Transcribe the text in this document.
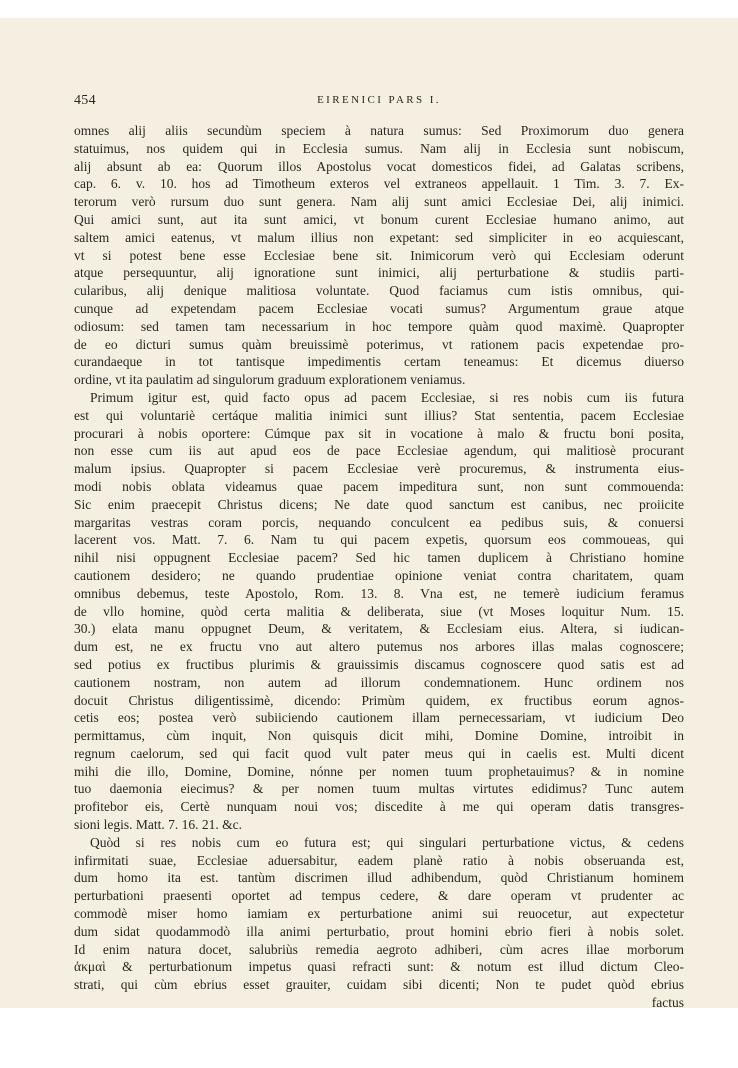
454	EIRENICI PARS I.
omnes alij aliis secundùm speciem à natura sumus: Sed Proximorum duo genera
statuimus, nos quidem qui in Ecclesia sumus. Nam alij in Ecclesia sunt nobiscum,
alij absunt ab ea: Quorum illos Apostolus vocat domesticos fidei, ad Galatas scribens,
cap. 6. v. 10. hos ad Timotheum exteros vel extraneos appellauit. 1 Tim. 3. 7. Ex-
terorum verò rursum duo sunt genera. Nam alij sunt amici Ecclesiae Dei, alij inimici.
Qui amici sunt, aut ita sunt amici, vt bonum curent Ecclesiae humano animo, aut
saltem amici eatenus, vt malum illius non expetant: sed simpliciter in eo acquiescant,
vt si potest bene esse Ecclesiae bene sit. Inimicorum verò qui Ecclesiam oderunt
atque persequuntur, alij ignoratione sunt inimici, alij perturbatione & studiis parti-
cularibus, alij denique malitiosa voluntate. Quod faciamus cum istis omnibus, qui-
cunque ad expetendam pacem Ecclesiae vocati sumus? Argumentum graue atque
odiosum: sed tamen tam necessarium in hoc tempore quàm quod maximè. Quapropter
de eo dicturi sumus quàm breuissimè poterimus, vt rationem pacis expetendae pro-
curandaeque in tot tantisque impedimentis certam teneamus: Et dicemus diuerso
ordine, vt ita paulatim ad singulorum graduum explorationem veniamus.
Primum igitur est, quid facto opus ad pacem Ecclesiae, si res nobis cum iis futura
est qui voluntariè certáque malitia inimici sunt illius? Stat sententia, pacem Ecclesiae
procurari à nobis oportere: Cúmque pax sit in vocatione à malo & fructu boni posita,
non esse cum iis aut apud eos de pace Ecclesiae agendum, qui malitiosè procurant
malum ipsius. Quapropter si pacem Ecclesiae verè procuremus, & instrumenta eius-
modi nobis oblata videamus quae pacem impeditura sunt, non sunt commouenda:
Sic enim praecepit Christus dicens; Ne date quod sanctum est canibus, nec proiicite
margaritas vestras coram porcis, nequando conculcent ea pedibus suis, & conuersi
lacerent vos. Matt. 7. 6. Nam tu qui pacem expetis, quorsum eos commoueas, qui
nihil nisi oppugnent Ecclesiae pacem? Sed hic tamen duplicem à Christiano homine
cautionem desidero; ne quando prudentiae opinione veniat contra charitatem, quam
omnibus debemus, teste Apostolo, Rom. 13. 8. Vna est, ne temerè iudicium feramus
de vllo homine, quòd certa malitia & deliberata, siue (vt Moses loquitur Num. 15.
30.) elata manu oppugnet Deum, & veritatem, & Ecclesiam eius. Altera, si iudican-
dum est, ne ex fructu vno aut altero putemus nos arbores illas malas cognoscere;
sed potius ex fructibus plurimis & grauissimis discamus cognoscere quod satis est ad
cautionem nostram, non autem ad illorum condemnationem. Hunc ordinem nos
docuit Christus diligentissimè, dicendo: Primùm quidem, ex fructibus eorum agnos-
cetis eos; postea verò subiiciendo cautionem illam pernecessariam, vt iudicium Deo
permittamus, cùm inquit, Non quisquis dicit mihi, Domine Domine, introibit in
regnum caelorum, sed qui facit quod vult pater meus qui in caelis est. Multi dicent
mihi die illo, Domine, Domine, nónne per nomen tuum prophetauimus? & in nomine
tuo daemonia eiecimus? & per nomen tuum multas virtutes edidimus? Tunc autem
profitebor eis, Certè nunquam noui vos; discedite à me qui operam datis transgres-
sioni legis. Matt. 7. 16. 21. &c.
Quòd si res nobis cum eo futura est; qui singulari perturbatione victus, & cedens
infirmitati suae, Ecclesiae aduersabitur, eadem planè ratio à nobis obseruanda est,
dum homo ita est. tantùm discrimen illud adhibendum, quòd Christianum hominem
perturbationi praesenti oportet ad tempus cedere, & dare operam vt prudenter ac
commodè miser homo iamiam ex perturbatione animi sui reuocetur, aut expectetur
dum sidat quodammodò illa animi perturbatio, prout homini ebrio fieri à nobis solet.
Id enim natura docet, salubriùs remedia aegroto adhiberi, cùm acres illae morborum
ἀκμαὶ & perturbationum impetus quasi refracti sunt: & notum est illud dictum Cleo-
strati, qui cùm ebrius esset grauiter, cuidam sibi dicenti; Non te pudet quòd ebrius
factus
